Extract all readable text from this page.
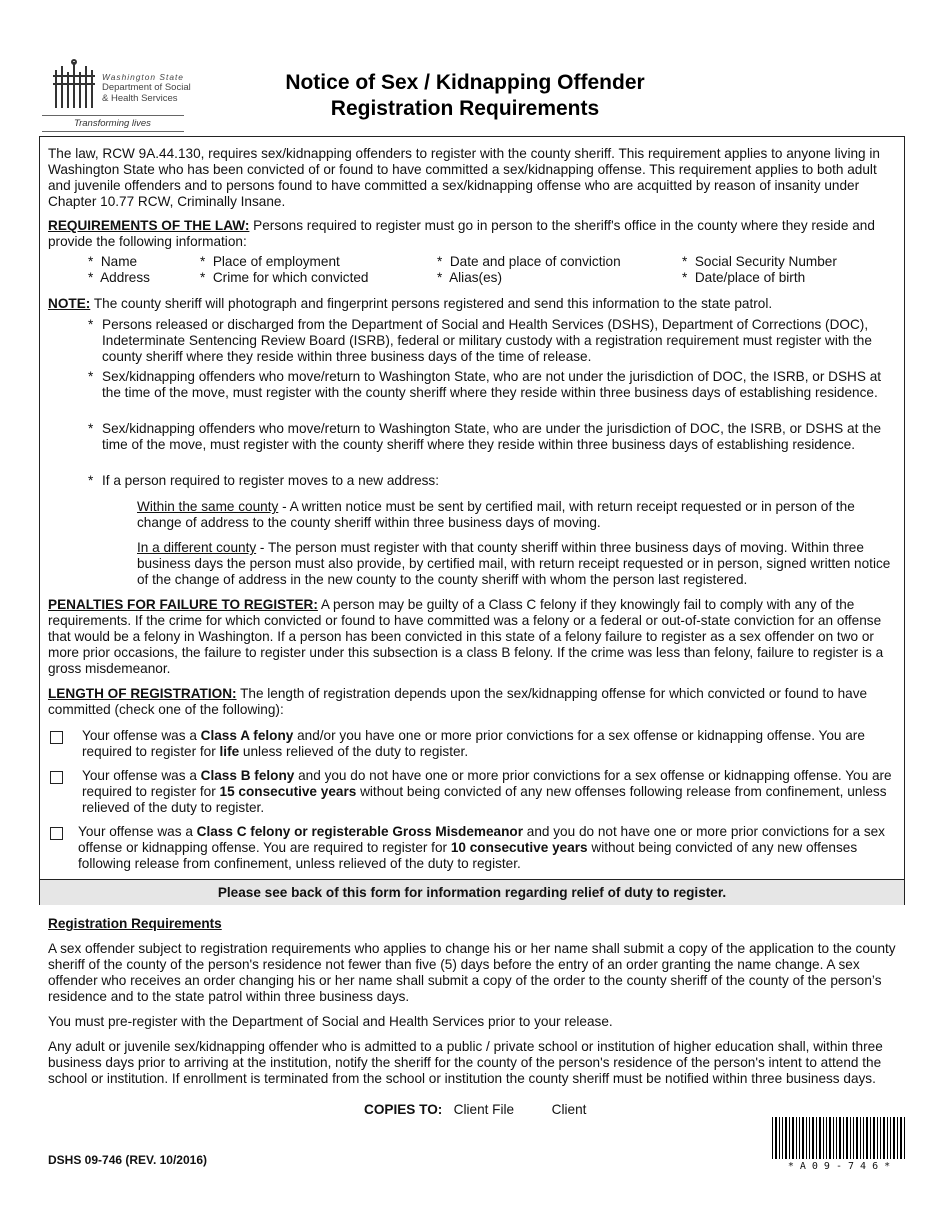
Washington State
Department of Social
& Health Services
Transforming lives
Notice of Sex / Kidnapping Offender
Registration Requirements

The law, RCW 9A.44.130, requires sex/kidnapping offenders to register with the county sheriff. This requirement applies to anyone living in Washington State who has been convicted of or found to have committed a sex/kidnapping offense. This requirement applies to both adult and juvenile offenders and to persons found to have committed a sex/kidnapping offense who are acquitted by reason of insanity under Chapter 10.77 RCW, Criminally Insane.

REQUIREMENTS OF THE LAW: Persons required to register must go in person to the sheriff's office in the county where they reside and provide the following information:

*  Name
*  Address
*  Place of employment
*  Crime for which convicted
*  Date and place of conviction
*  Alias(es)
*  Social Security Number
*  Date/place of birth

NOTE: The county sheriff will photograph and fingerprint persons registered and send this information to the state patrol.

* Persons released or discharged from the Department of Social and Health Services (DSHS), Department of Corrections (DOC), Indeterminate Sentencing Review Board (ISRB), federal or military custody with a registration requirement must register with the county sheriff where they reside within three business days of the time of release.
* Sex/kidnapping offenders who move/return to Washington State, who are not under the jurisdiction of DOC, the ISRB, or DSHS at the time of the move, must register with the county sheriff where they reside within three business days of establishing residence.
* Sex/kidnapping offenders who move/return to Washington State, who are under the jurisdiction of DOC, the ISRB, or DSHS at the time of the move, must register with the county sheriff where they reside within three business days of establishing residence.
* If a person required to register moves to a new address:

Within the same county - A written notice must be sent by certified mail, with return receipt requested or in person of the change of address to the county sheriff within three business days of moving.

In a different county - The person must register with that county sheriff within three business days of moving. Within three business days the person must also provide, by certified mail, with return receipt requested or in person, signed written notice of the change of address in the new county to the county sheriff with whom the person last registered.

PENALTIES FOR FAILURE TO REGISTER: A person may be guilty of a Class C felony if they knowingly fail to comply with any of the requirements. If the crime for which convicted or found to have committed was a felony or a federal or out-of-state conviction for an offense that would be a felony in Washington. If a person has been convicted in this state of a felony failure to register as a sex offender on two or more prior occasions, the failure to register under this subsection is a class B felony. If the crime was less than felony, failure to register is a gross misdemeanor.

LENGTH OF REGISTRATION: The length of registration depends upon the sex/kidnapping offense for which convicted or found to have committed (check one of the following):

Your offense was a Class A felony and/or you have one or more prior convictions for a sex offense or kidnapping offense. You are required to register for life unless relieved of the duty to register.
Your offense was a Class B felony and you do not have one or more prior convictions for a sex offense or kidnapping offense. You are required to register for 15 consecutive years without being convicted of any new offenses following release from confinement, unless relieved of the duty to register.
Your offense was a Class C felony or registerable Gross Misdemeanor and you do not have one or more prior convictions for a sex offense or kidnapping offense. You are required to register for 10 consecutive years without being convicted of any new offenses following release from confinement, unless relieved of the duty to register.
Please see back of this form for information regarding relief of duty to register.

Registration Requirements

A sex offender subject to registration requirements who applies to change his or her name shall submit a copy of the application to the county sheriff of the county of the person's residence not fewer than five (5) days before the entry of an order granting the name change. A sex offender who receives an order changing his or her name shall submit a copy of the order to the county sheriff of the county of the person’s residence and to the state patrol within three business days.

You must pre-register with the Department of Social and Health Services prior to your release.

Any adult or juvenile sex/kidnapping offender who is admitted to a public / private school or institution of higher education shall, within three business days prior to arriving at the institution, notify the sheriff for the county of the person's residence of the person's intent to attend the school or institution. If enrollment is terminated from the school or institution the county sheriff must be notified within three business days.

COPIES TO: Client File	Client
DSHS 09-746 (REV. 10/2016)	* A 0 9 - 7 4 6 *
